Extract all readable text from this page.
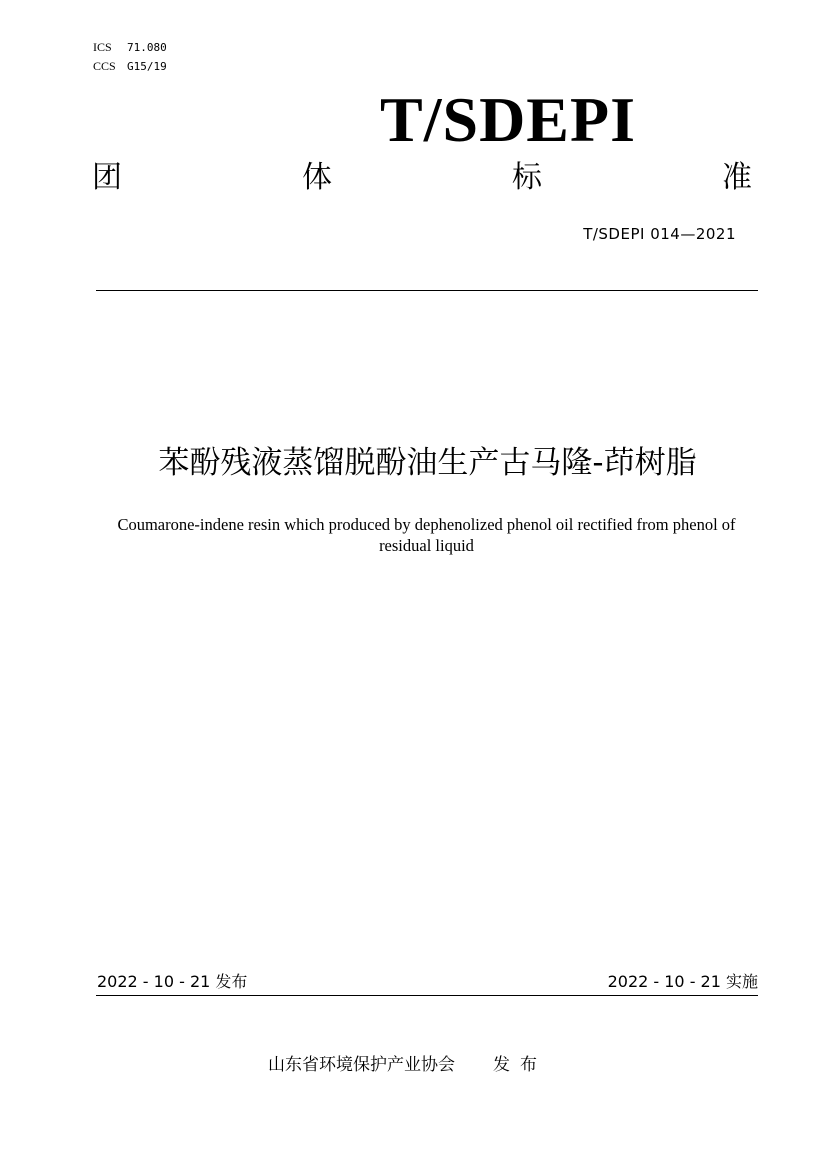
ICS 71.080
CCS G15/19
T/SDEPI
团	体	标	准
T/SDEPI 014—2021
苯酚残液蒸馏脱酚油生产古马隆-茚树脂
Coumarone-indene resin which produced by dephenolized phenol oil rectified from phenol of residual liquid
2022 - 10 - 21 发布	2022 - 10 - 21 实施
山东省环境保护产业协会 发布
